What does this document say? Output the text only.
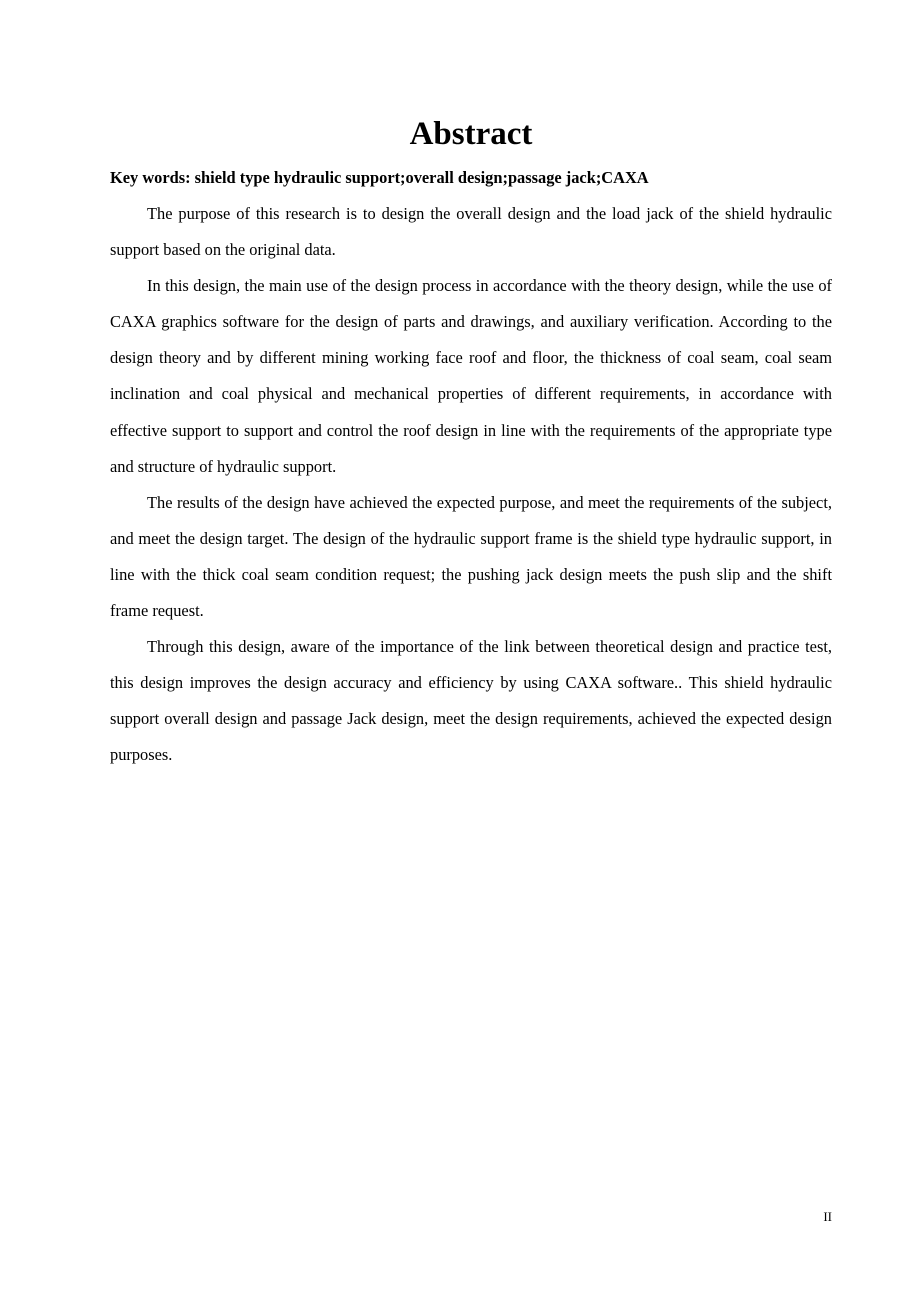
Abstract

Key words: shield type hydraulic support;overall design;passage jack;CAXA

The purpose of this research is to design the overall design and the load jack of the shield hydraulic support based on the original data.

In this design, the main use of the design process in accordance with the theory design, while the use of CAXA graphics software for the design of parts and drawings, and auxiliary verification. According to the design theory and by different mining working face roof and floor, the thickness of coal seam, coal seam inclination and coal physical and mechanical properties of different requirements, in accordance with effective support to support and control the roof design in line with the requirements of the appropriate type and structure of hydraulic support.

The results of the design have achieved the expected purpose, and meet the requirements of the subject, and meet the design target. The design of the hydraulic support frame is the shield type hydraulic support, in line with the thick coal seam condition request; the pushing jack design meets the push slip and the shift frame request.

Through this design, aware of the importance of the link between theoretical design and practice test, this design improves the design accuracy and efficiency by using CAXA software.. This shield hydraulic support overall design and passage Jack design, meet the design requirements, achieved the expected design purposes.

II
